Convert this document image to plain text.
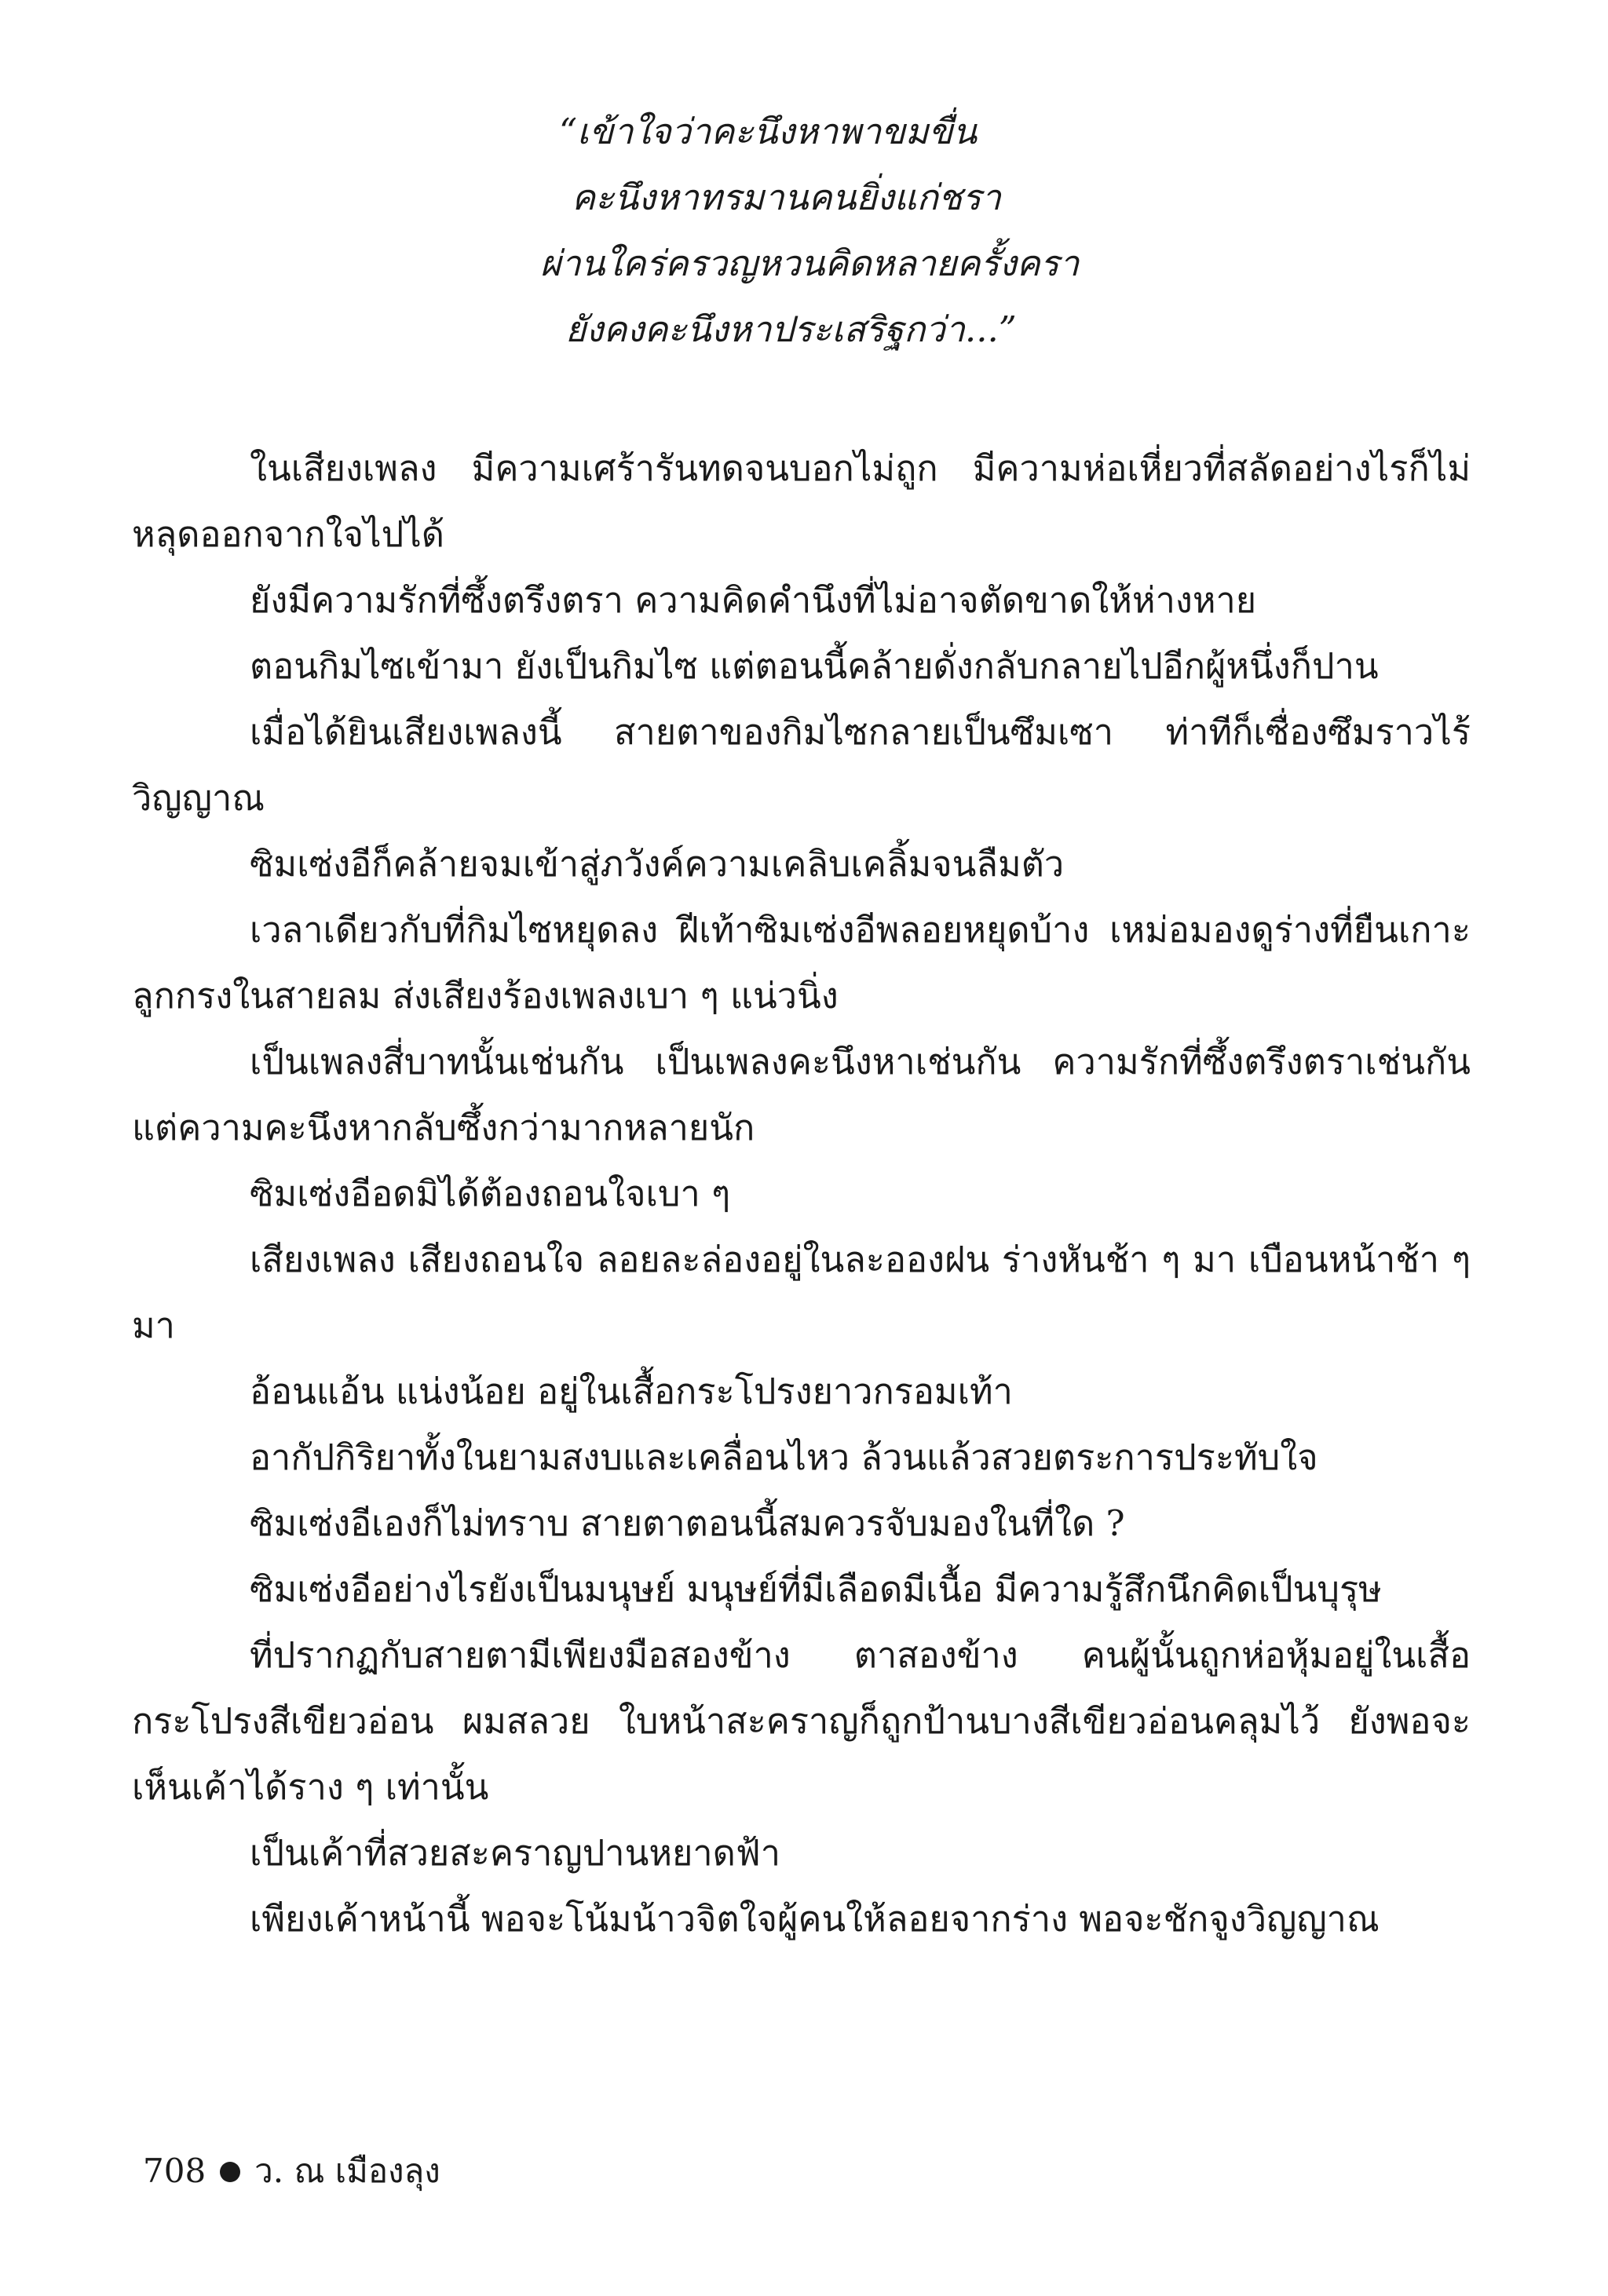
“เข้าใจว่าคะนึงหาพาขมขื่น
คะนึงหาทรมานคนยิ่งแก่ชรา
ผ่านใคร่ครวญหวนคิดหลายครั้งครา
ยังคงคะนึงหาประเสริฐกว่า...”

ในเสียงเพลง มีความเศร้ารันทดจนบอกไม่ถูก มีความห่อเหี่ยวที่สลัดอย่างไรก็ไม่หลุดออกจากใจไปได้

ยังมีความรักที่ซึ้งตรึงตรา ความคิดคำนึงที่ไม่อาจตัดขาดให้ห่างหาย

ตอนกิมไซเข้ามา ยังเป็นกิมไซ แต่ตอนนี้คล้ายดั่งกลับกลายไปอีกผู้หนึ่งก็ปาน

เมื่อได้ยินเสียงเพลงนี้ สายตาของกิมไซกลายเป็นซึมเซา ท่าทีก็เซื่องซึมราวไร้วิญญาณ

ซิมเซ่งอีก็คล้ายจมเข้าสู่ภวังค์ความเคลิบเคลิ้มจนลืมตัว

เวลาเดียวกับที่กิมไซหยุดลง ฝีเท้าซิมเซ่งอีพลอยหยุดบ้าง เหม่อมองดูร่างที่ยืนเกาะลูกกรงในสายลม ส่งเสียงร้องเพลงเบา ๆ แน่วนิ่ง

เป็นเพลงสี่บาทนั้นเช่นกัน เป็นเพลงคะนึงหาเช่นกัน ความรักที่ซึ้งตรึงตราเช่นกัน แต่ความคะนึงหากลับซึ้งกว่ามากหลายนัก

ซิมเซ่งอีอดมิได้ต้องถอนใจเบา ๆ

เสียงเพลง เสียงถอนใจ ลอยละล่องอยู่ในละอองฝน ร่างหันช้า ๆ มา เบือนหน้าช้า ๆ มา

อ้อนแอ้น แน่งน้อย อยู่ในเสื้อกระโปรงยาวกรอมเท้า

อากัปกิริยาทั้งในยามสงบและเคลื่อนไหว ล้วนแล้วสวยตระการประทับใจ

ซิมเซ่งอีเองก็ไม่ทราบ สายตาตอนนี้สมควรจับมองในที่ใด ?

ซิมเซ่งอีอย่างไรยังเป็นมนุษย์ มนุษย์ที่มีเลือดมีเนื้อ มีความรู้สึกนึกคิดเป็นบุรุษ

ที่ปรากฏกับสายตามีเพียงมือสองข้าง ตาสองข้าง คนผู้นั้นถูกห่อหุ้มอยู่ในเสื้อกระโปรงสีเขียวอ่อน ผมสลวย ใบหน้าสะคราญก็ถูกป้านบางสีเขียวอ่อนคลุมไว้ ยังพอจะเห็นเค้าได้ราง ๆ เท่านั้น

เป็นเค้าที่สวยสะคราญปานหยาดฟ้า

เพียงเค้าหน้านี้ พอจะโน้มน้าวจิตใจผู้คนให้ลอยจากร่าง พอจะชักจูงวิญญาณ

708 ว. ณ เมืองลุง
